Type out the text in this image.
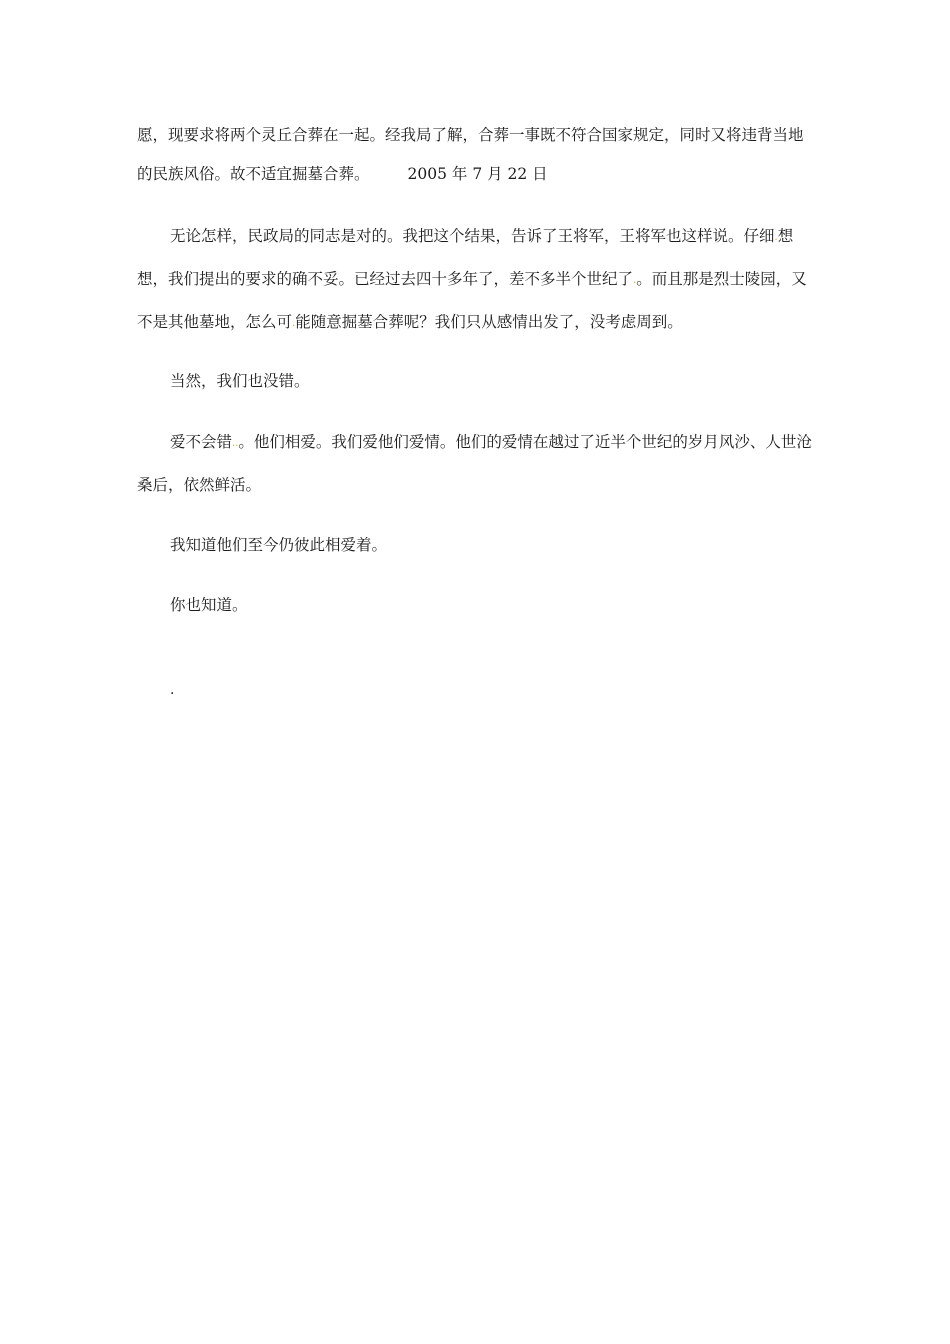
愿，现要求将两个灵丘合葬在一起。经我局了解，合葬一事既不符合国家规定，同时又将违背当地的民族风俗。故不适宜掘墓合葬。 2005 年 7 月 22 日

无论怎样，民政局的同志是对的。我把这个结果，告诉了王将军，王将军也这样说。仔细·想想，我们提出的要求的确不妥。已经过去四十多年了，差不多半个世纪了·。而且那是烈士陵园，又不是其他墓地，怎么可·能随意掘墓合葬呢？我们只从感情出发了，没考虑周到。

当然，我们也没错。

爱不会错··。他们相爱。我们爱他们爱情。他们的爱情在越过了近半个世纪的岁月风沙、人世沧桑后，依然鲜活。

我知道他们至今仍彼此相爱着。

你也知道。

.
